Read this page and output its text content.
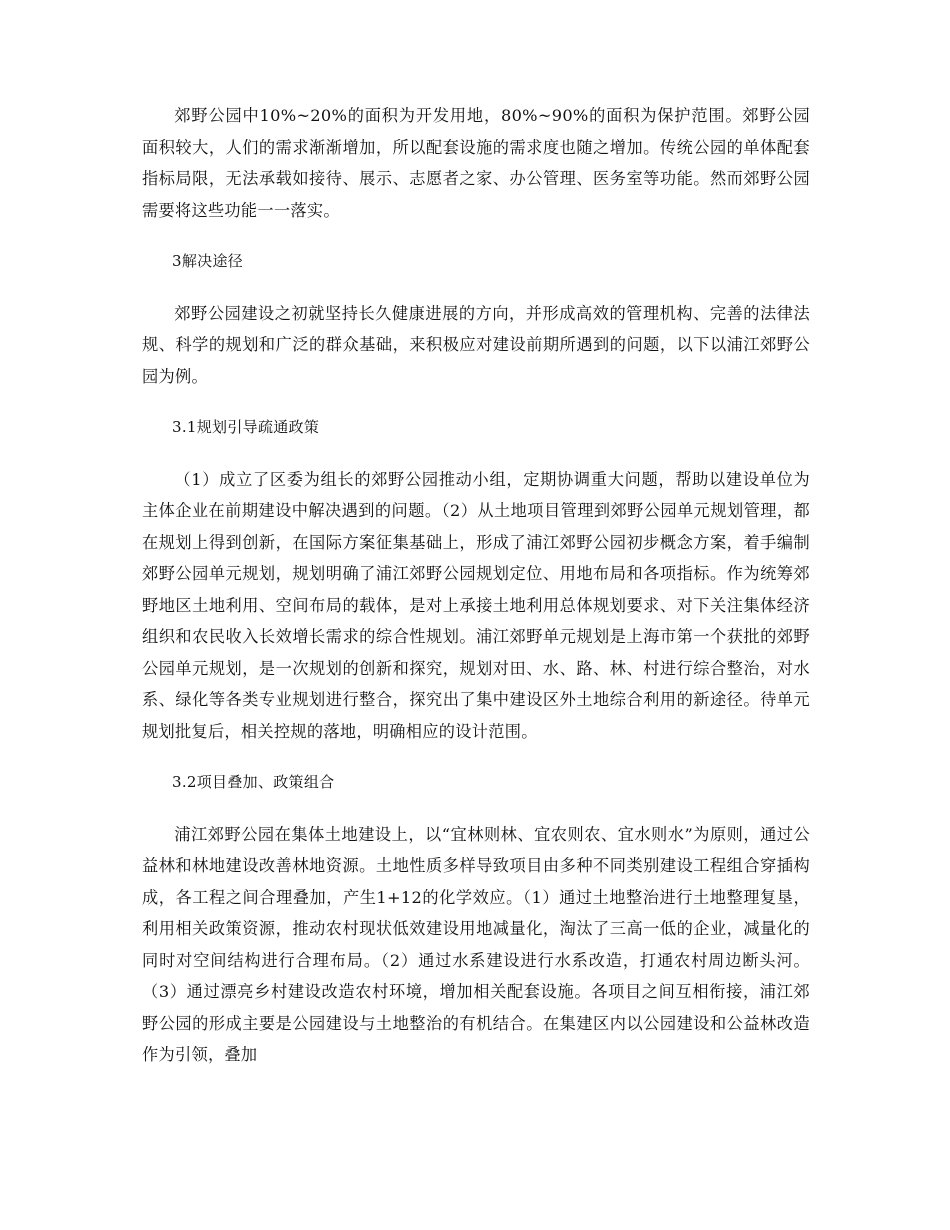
郊野公园中10%~20%的面积为开发用地，80%~90%的面积为保护范围。郊野公园面积较大，人们的需求渐渐增加，所以配套设施的需求度也随之增加。传统公园的单体配套指标局限，无法承载如接待、展示、志愿者之家、办公管理、医务室等功能。然而郊野公园需要将这些功能一一落实。

3解决途径

郊野公园建设之初就坚持长久健康进展的方向，并形成高效的管理机构、完善的法律法规、科学的规划和广泛的群众基础，来积极应对建设前期所遇到的问题，以下以浦江郊野公园为例。

3.1规划引导疏通政策

（1）成立了区委为组长的郊野公园推动小组，定期协调重大问题，帮助以建设单位为主体企业在前期建设中解决遇到的问题。（2）从土地项目管理到郊野公园单元规划管理，都在规划上得到创新，在国际方案征集基础上，形成了浦江郊野公园初步概念方案，着手编制郊野公园单元规划，规划明确了浦江郊野公园规划定位、用地布局和各项指标。作为统筹郊野地区土地利用、空间布局的载体，是对上承接土地利用总体规划要求、对下关注集体经济组织和农民收入长效增长需求的综合性规划。浦江郊野单元规划是上海市第一个获批的郊野公园单元规划，是一次规划的创新和探究，规划对田、水、路、林、村进行综合整治，对水系、绿化等各类专业规划进行整合，探究出了集中建设区外土地综合利用的新途径。待单元规划批复后，相关控规的落地，明确相应的设计范围。

3.2项目叠加、政策组合

浦江郊野公园在集体土地建设上，以“宜林则林、宜农则农、宜水则水”为原则，通过公益林和林地建设改善林地资源。土地性质多样导致项目由多种不同类别建设工程组合穿插构成，各工程之间合理叠加，产生1+12的化学效应。（1）通过土地整治进行土地整理复垦，利用相关政策资源，推动农村现状低效建设用地减量化，淘汰了三高一低的企业，减量化的同时对空间结构进行合理布局。（2）通过水系建设进行水系改造，打通农村周边断头河。（3）通过漂亮乡村建设改造农村环境，增加相关配套设施。各项目之间互相衔接，浦江郊野公园的形成主要是公园建设与土地整治的有机结合。在集建区内以公园建设和公益林改造作为引领，叠加
